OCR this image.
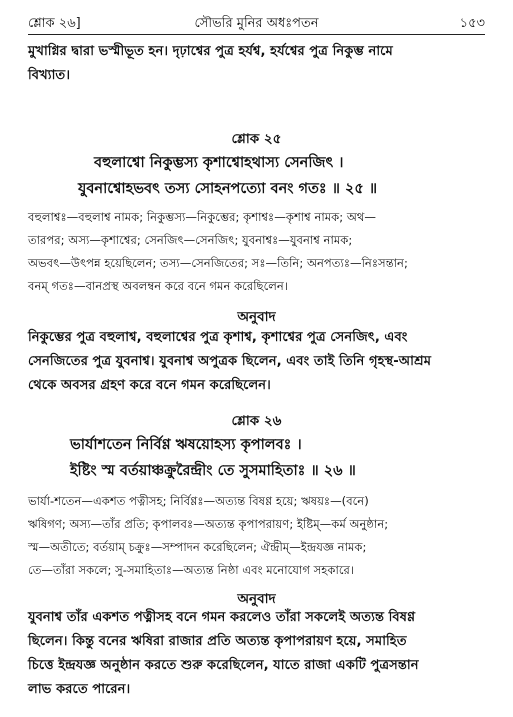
শ্লোক ২৬]	সৌভরি মুনির অধঃপতন	১৫৩
মুখাগ্নির দ্বারা ভস্মীভূত হন। দৃঢ়াশ্বের পুত্র হর্যশ্ব, হর্যশ্বের পুত্র নিকুম্ভ নামে
বিখ্যাত।
শ্লোক ২৫
বহুলাশ্বো নিকুম্ভস্য কৃশাশ্বোহথাস্য সেনজিৎ ।
যুবনাশ্বোহভবৎ তস্য সোহনপত্যো বনং গতঃ ॥ ২৫ ॥
বহুলাশ্বঃ—বহুলাশ্ব নামক; নিকুম্ভস্য—নিকুম্ভের; কৃশাশ্বঃ—কৃশাশ্ব নামক; অথ—
তারপর; অস্য—কৃশাশ্বের; সেনজিৎ—সেনজিৎ; যুবনাশ্বঃ—যুবনাশ্ব নামক;
অভবৎ—উৎপন্ন হয়েছিলেন; তস্য—সেনজিতের; সঃ—তিনি; অনপত্যঃ—নিঃসন্তান;
বনম্ গতঃ—বানপ্রস্থ অবলম্বন করে বনে গমন করেছিলেন।
অনুবাদ
নিকুম্ভের পুত্র বহুলাশ্ব, বহুলাশ্বের পুত্র কৃশাশ্ব, কৃশাশ্বের পুত্র সেনজিৎ, এবং
সেনজিতের পুত্র যুবনাশ্ব। যুবনাশ্ব অপুত্রক ছিলেন, এবং তাই তিনি গৃহস্থ-আশ্রম
থেকে অবসর গ্রহণ করে বনে গমন করেছিলেন।
শ্লোক ২৬
ভার্যাশতেন নির্বিণ্ণ ঋষয়োহস্য কৃপালবঃ ।
ইষ্টিং স্ম বর্তয়াঞ্চক্রুরৈন্দ্রীং তে সুসমাহিতাঃ ॥ ২৬ ॥
ভার্যা-শতেন—একশত পত্নীসহ; নির্বিণ্ণঃ—অত্যন্ত বিষণ্ণ হয়ে; ঋষয়ঃ—(বনে)
ঋষিগণ; অস্য—তাঁর প্রতি; কৃপালবঃ—অত্যন্ত কৃপাপরায়ণ; ইষ্টিম্—কর্ম অনুষ্ঠান;
স্ম—অতীতে; বর্তয়াম্ চক্রুঃ—সম্পাদন করেছিলেন; ঐন্দ্রীম্—ইন্দ্রযজ্ঞ নামক;
তে—তাঁরা সকলে; সু-সমাহিতাঃ—অত্যন্ত নিষ্ঠা এবং মনোযোগ সহকারে।
অনুবাদ
যুবনাশ্ব তাঁর একশত পত্নীসহ বনে গমন করলেও তাঁরা সকলেই অত্যন্ত বিষণ্ণ
ছিলেন। কিন্তু বনের ঋষিরা রাজার প্রতি অত্যন্ত কৃপাপরায়ণ হয়ে, সমাহিত
চিত্তে ইন্দ্রযজ্ঞ অনুষ্ঠান করতে শুরু করেছিলেন, যাতে রাজা একটি পুত্রসন্তান
লাভ করতে পারেন।
